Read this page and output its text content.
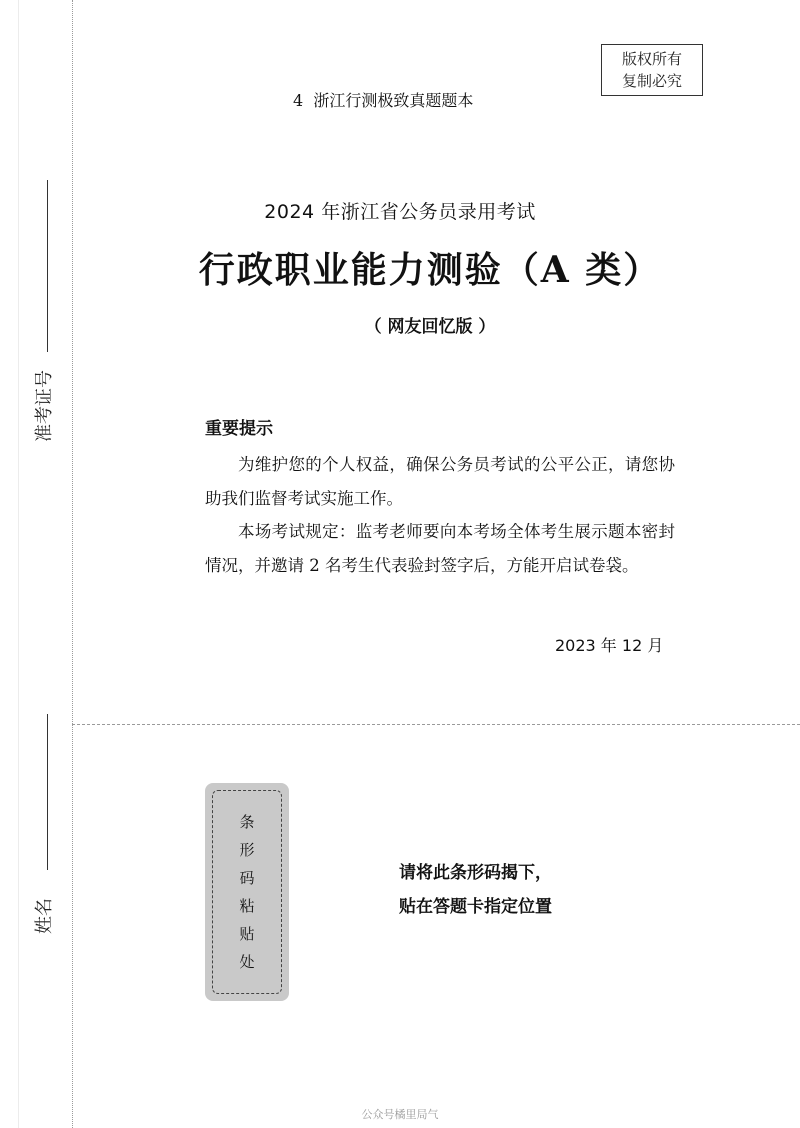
准考证号
姓名
版权所有
复制必究
4  浙江行测极致真题题本
2024 年浙江省公务员录用考试
行政职业能力测验（A 类）
（ 网友回忆版 ）
重要提示
为维护您的个人权益，确保公务员考试的公平公正，请您协助我们监督考试实施工作。
本场考试规定：监考老师要向本考场全体考生展示题本密封情况，并邀请 2 名考生代表验封签字后，方能开启试卷袋。
2023 年 12 月
条
形
码
粘
贴
处
请将此条形码揭下，
贴在答题卡指定位置
公众号橘里局气
